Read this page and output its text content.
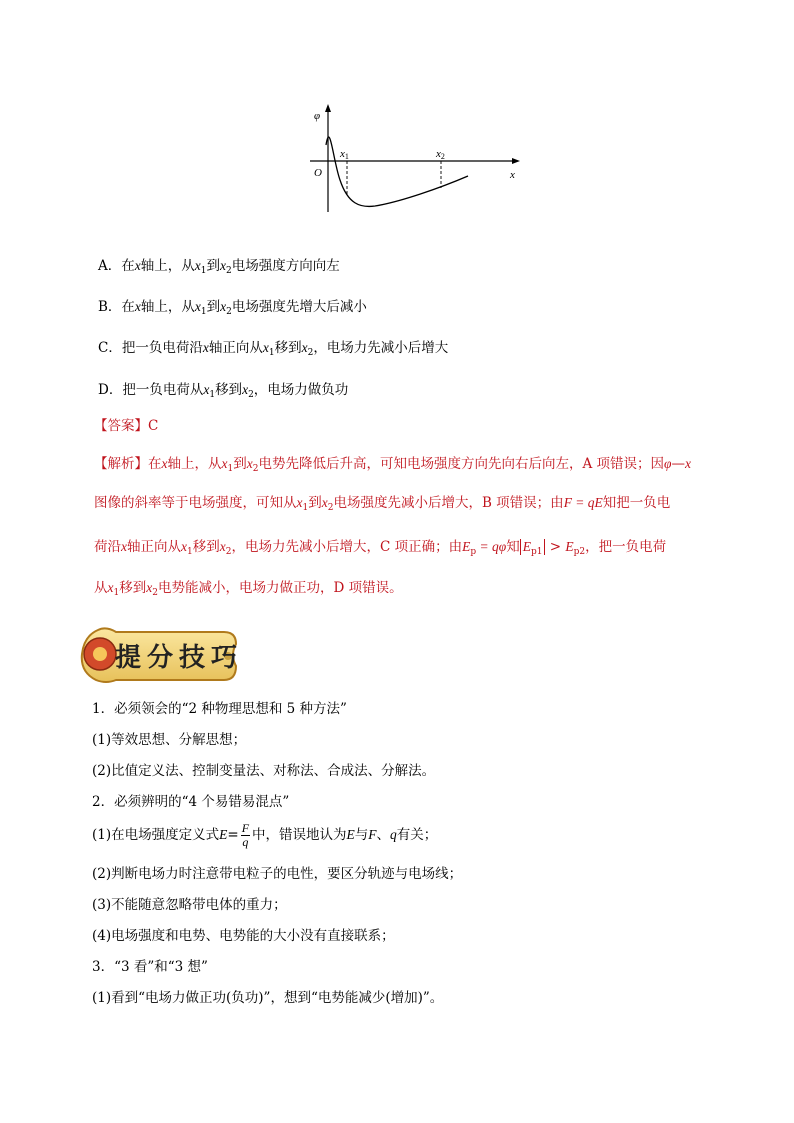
φ
O	x
x1	x2
A．在x轴上，从$x_1$到$x_2$电场强度方向向左
B．在x轴上，从$x_1$到$x_2$电场强度先增大后减小
C．把一负电荷沿x轴正向从$x_1$移到$x_2$，电场力先减小后增大
D．把一负电荷从$x_1$移到$x_2$，电场力做负功
【答案】C
【解析】在x轴上，从$x_1$到$x_2$电势先降低后升高，可知电场强度方向先向右后向左，A 项错误；因φ—x
图像的斜率等于电场强度，可知从$x_1$到$x_2$电场强度先减小后增大，B 项错误；由F = qE知把一负电
荷沿x轴正向从$x_1$移到$x_2$，电场力先减小后增大，C 项正确；由$E_p = q\varphi$知 $E_{p1} > E_{p2}$，把一负电荷
从$x_1$移到$x_2$电势能减小，电场力做正功，D 项错误。
提分技巧
1．必须领会的“2 种物理思想和 5 种方法”
(1)等效思想、分解思想；
(2)比值定义法、控制变量法、对称法、合成法、分解法。
2．必须辨明的“4 个易错易混点”
(1)在电场强度定义式$E= \frac{F}{q}$ 中，错误地认为E与F、q有关；
(2)判断电场力时注意带电粒子的电性，要区分轨迹与电场线；
(3)不能随意忽略带电体的重力；
(4)电场强度和电势、电势能的大小没有直接联系；
3．“3 看”和“3 想”
(1)看到“电场力做正功(负功)”，想到“电势能减少(增加)”。
